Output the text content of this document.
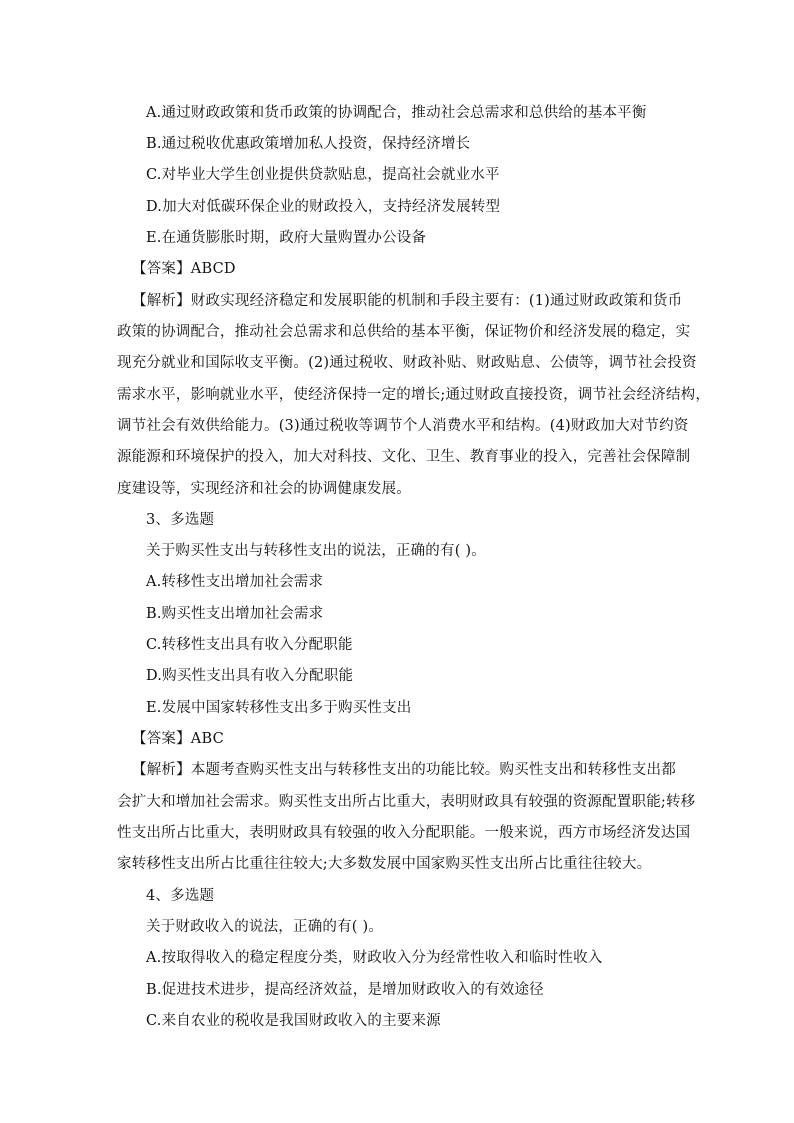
A.通过财政政策和货币政策的协调配合，推动社会总需求和总供给的基本平衡
B.通过税收优惠政策增加私人投资，保持经济增长
C.对毕业大学生创业提供贷款贴息，提高社会就业水平
D.加大对低碳环保企业的财政投入，支持经济发展转型
E.在通货膨胀时期，政府大量购置办公设备
【答案】ABCD
【解析】财政实现经济稳定和发展职能的机制和手段主要有：(1)通过财政政策和货币
政策的协调配合，推动社会总需求和总供给的基本平衡，保证物价和经济发展的稳定，实
现充分就业和国际收支平衡。(2)通过税收、财政补贴、财政贴息、公债等，调节社会投资
需求水平，影响就业水平，使经济保持一定的增长;通过财政直接投资，调节社会经济结构，
调节社会有效供给能力。(3)通过税收等调节个人消费水平和结构。(4)财政加大对节约资
源能源和环境保护的投入，加大对科技、文化、卫生、教育事业的投入，完善社会保障制
度建设等，实现经济和社会的协调健康发展。
3、多选题
关于购买性支出与转移性支出的说法，正确的有( )。
A.转移性支出增加社会需求
B.购买性支出增加社会需求
C.转移性支出具有收入分配职能
D.购买性支出具有收入分配职能
E.发展中国家转移性支出多于购买性支出
【答案】ABC
【解析】本题考查购买性支出与转移性支出的功能比较。购买性支出和转移性支出都
会扩大和增加社会需求。购买性支出所占比重大，表明财政具有较强的资源配置职能;转移
性支出所占比重大，表明财政具有较强的收入分配职能。一般来说，西方市场经济发达国
家转移性支出所占比重往往较大;大多数发展中国家购买性支出所占比重往往较大。
4、多选题
关于财政收入的说法，正确的有( )。
A.按取得收入的稳定程度分类，财政收入分为经常性收入和临时性收入
B.促进技术进步，提高经济效益，是增加财政收入的有效途径
C.来自农业的税收是我国财政收入的主要来源
